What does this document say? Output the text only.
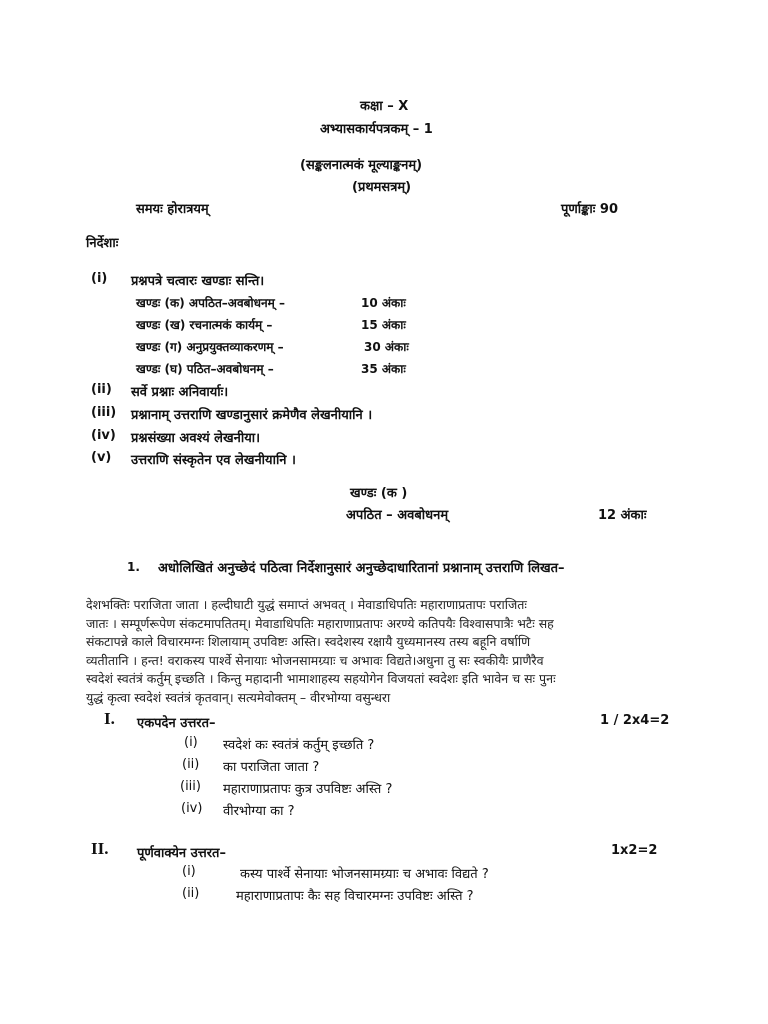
कक्षा – X
अभ्यासकार्यपत्रकम् – 1
(सङ्कलनात्मकं मूल्याङ्कनम्)
(प्रथमसत्रम्)
समयः होरात्रयम्	पूर्णाङ्काः 90
निर्देशाः
(i) प्रश्नपत्रे चत्वारः खण्डाः सन्ति।
खण्डः (क) अपठित–अवबोधनम् –	10 अंकाः
खण्डः (ख) रचनात्मकं कार्यम् –	15 अंकाः
खण्डः (ग) अनुप्रयुक्तव्याकरणम् –	30 अंकाः
खण्डः (घ) पठित–अवबोधनम् –	35 अंकाः
(ii) सर्वे प्रश्नाः अनिवार्याः।
(iii) प्रश्नानाम् उत्तराणि खण्डानुसारं क्रमेणैव लेखनीयानि ।
(iv) प्रश्नसंख्या अवश्यं लेखनीया।
(v) उत्तराणि संस्कृतेन एव लेखनीयानि ।
खण्डः (क )
अपठित – अवबोधनम्	12 अंकाः
1. अधोलिखितं अनुच्छेदं पठित्वा निर्देशानुसारं अनुच्छेदाधारितानां प्रश्नानाम् उत्तराणि लिखत–
देशभक्तिः पराजिता जाता । हल्दीघाटी युद्धं समाप्तं अभवत् । मेवाडाधिपतिः महाराणाप्रतापः पराजितः
जातः । सम्पूर्णरूपेण संकटमापतितम्। मेवाडाधिपतिः महाराणाप्रतापः अरण्ये कतिपयैः विश्वासपात्रैः भटैः सह
संकटापन्ने काले विचारमग्नः शिलायाम् उपविष्टः अस्ति। स्वदेशस्य रक्षायै युध्यमानस्य तस्य बहूनि वर्षाणि
व्यतीतानि । हन्त! वराकस्य पार्श्वे सेनायाः भोजनसामग्र्याः च अभावः विद्यते।अधुना तु सः स्वकीयैः प्राणैरैव
स्वदेशं स्वतंत्रं कर्तुम् इच्छति । किन्तु महादानी भामाशाहस्य सहयोगेन विजयतां स्वदेशः इति भावेन च सः पुनः
युद्धं कृत्वा स्वदेशं स्वतंत्रं कृतवान्। सत्यमेवोक्तम् – वीरभोग्या वसुन्धरा
I. एकपदेन उत्तरत–	1 / 2x4=2
(i) स्वदेशं कः स्वतंत्रं कर्तुम् इच्छति ?
(ii) का पराजिता जाता ?
(iii) महाराणाप्रतापः कुत्र उपविष्टः अस्ति ?
(iv) वीरभोग्या का ?
II. पूर्णवाक्येन उत्तरत–	1x2=2
(i)	कस्य पार्श्वे सेनायाः भोजनसामग्र्याः च अभावः विद्यते ?
(ii)	महाराणाप्रतापः कैः सह विचारमग्नः उपविष्टः अस्ति ?
